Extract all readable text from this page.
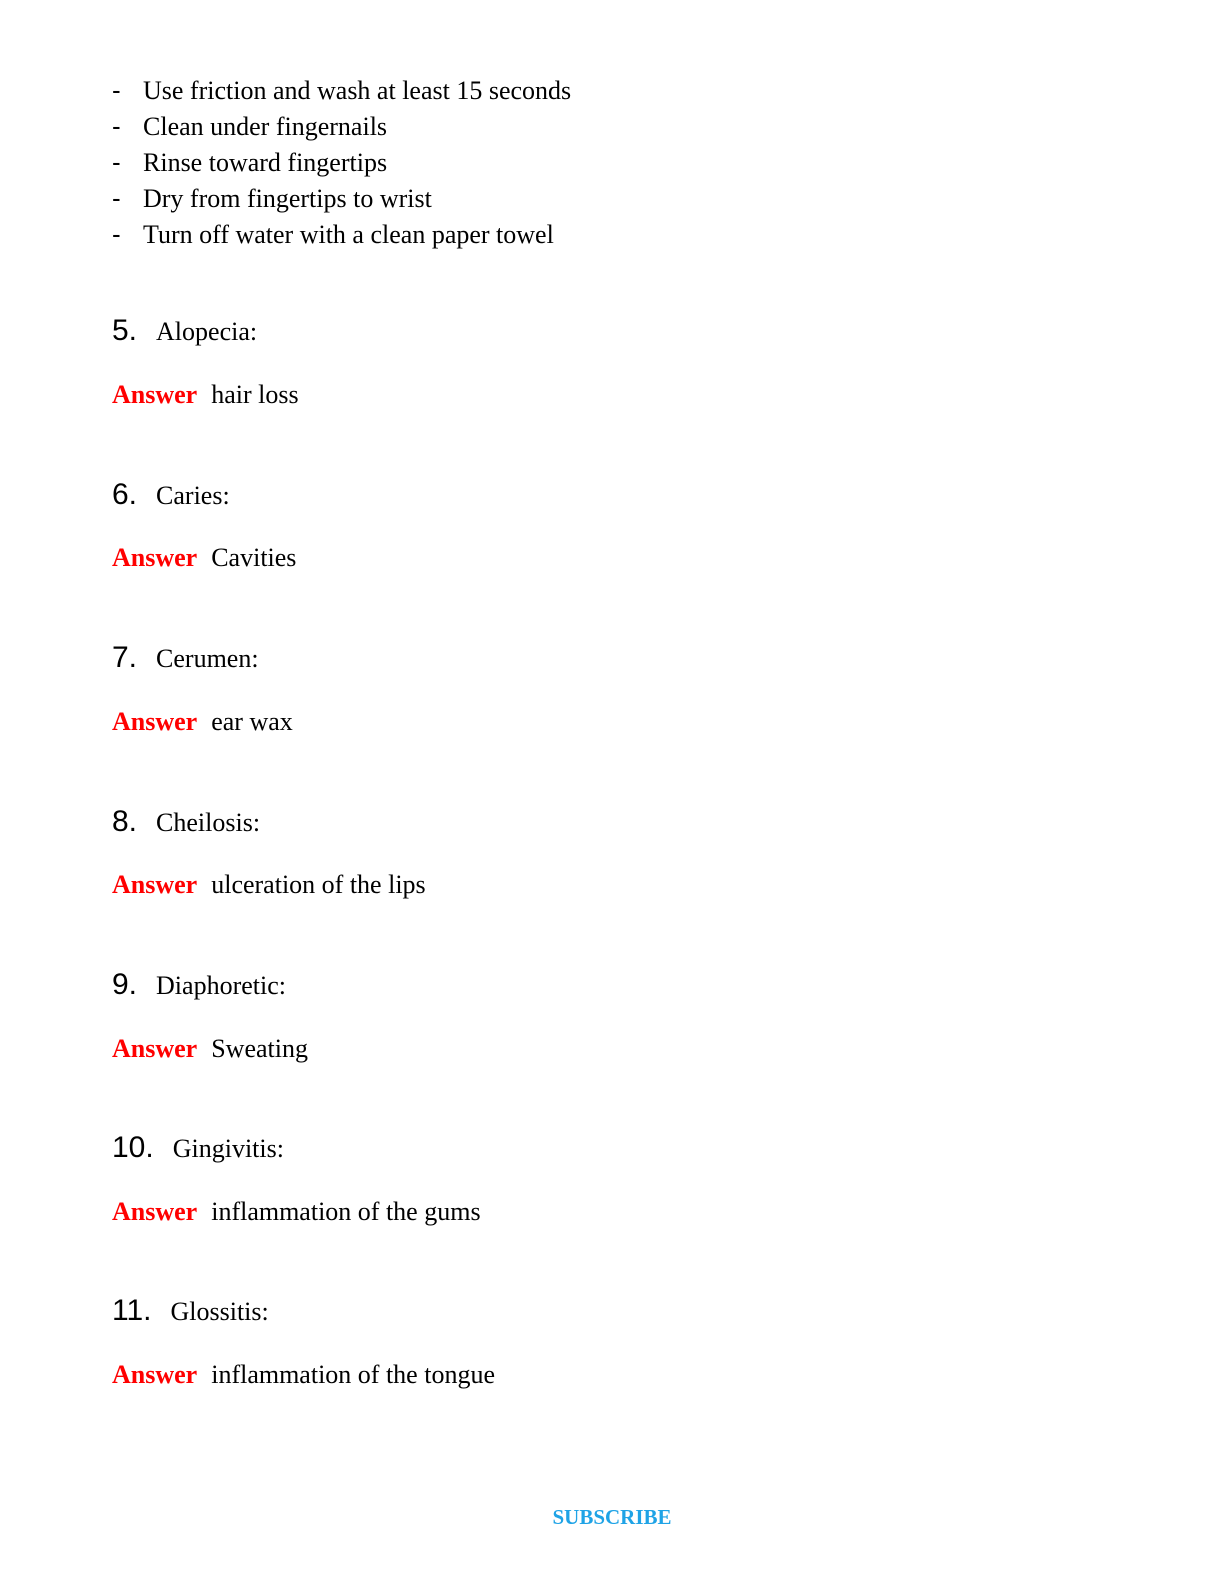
- Use friction and wash at least 15 seconds
- Clean under fingernails
- Rinse toward fingertips
- Dry from fingertips to wrist
- Turn off water with a clean paper towel
5. Alopecia:
Answer hair loss
6. Caries:
Answer Cavities
7. Cerumen:
Answer ear wax
8. Cheilosis:
Answer ulceration of the lips
9. Diaphoretic:
Answer Sweating
10. Gingivitis:
Answer inflammation of the gums
11. Glossitis:
Answer inflammation of the tongue
SUBSCRIBE
